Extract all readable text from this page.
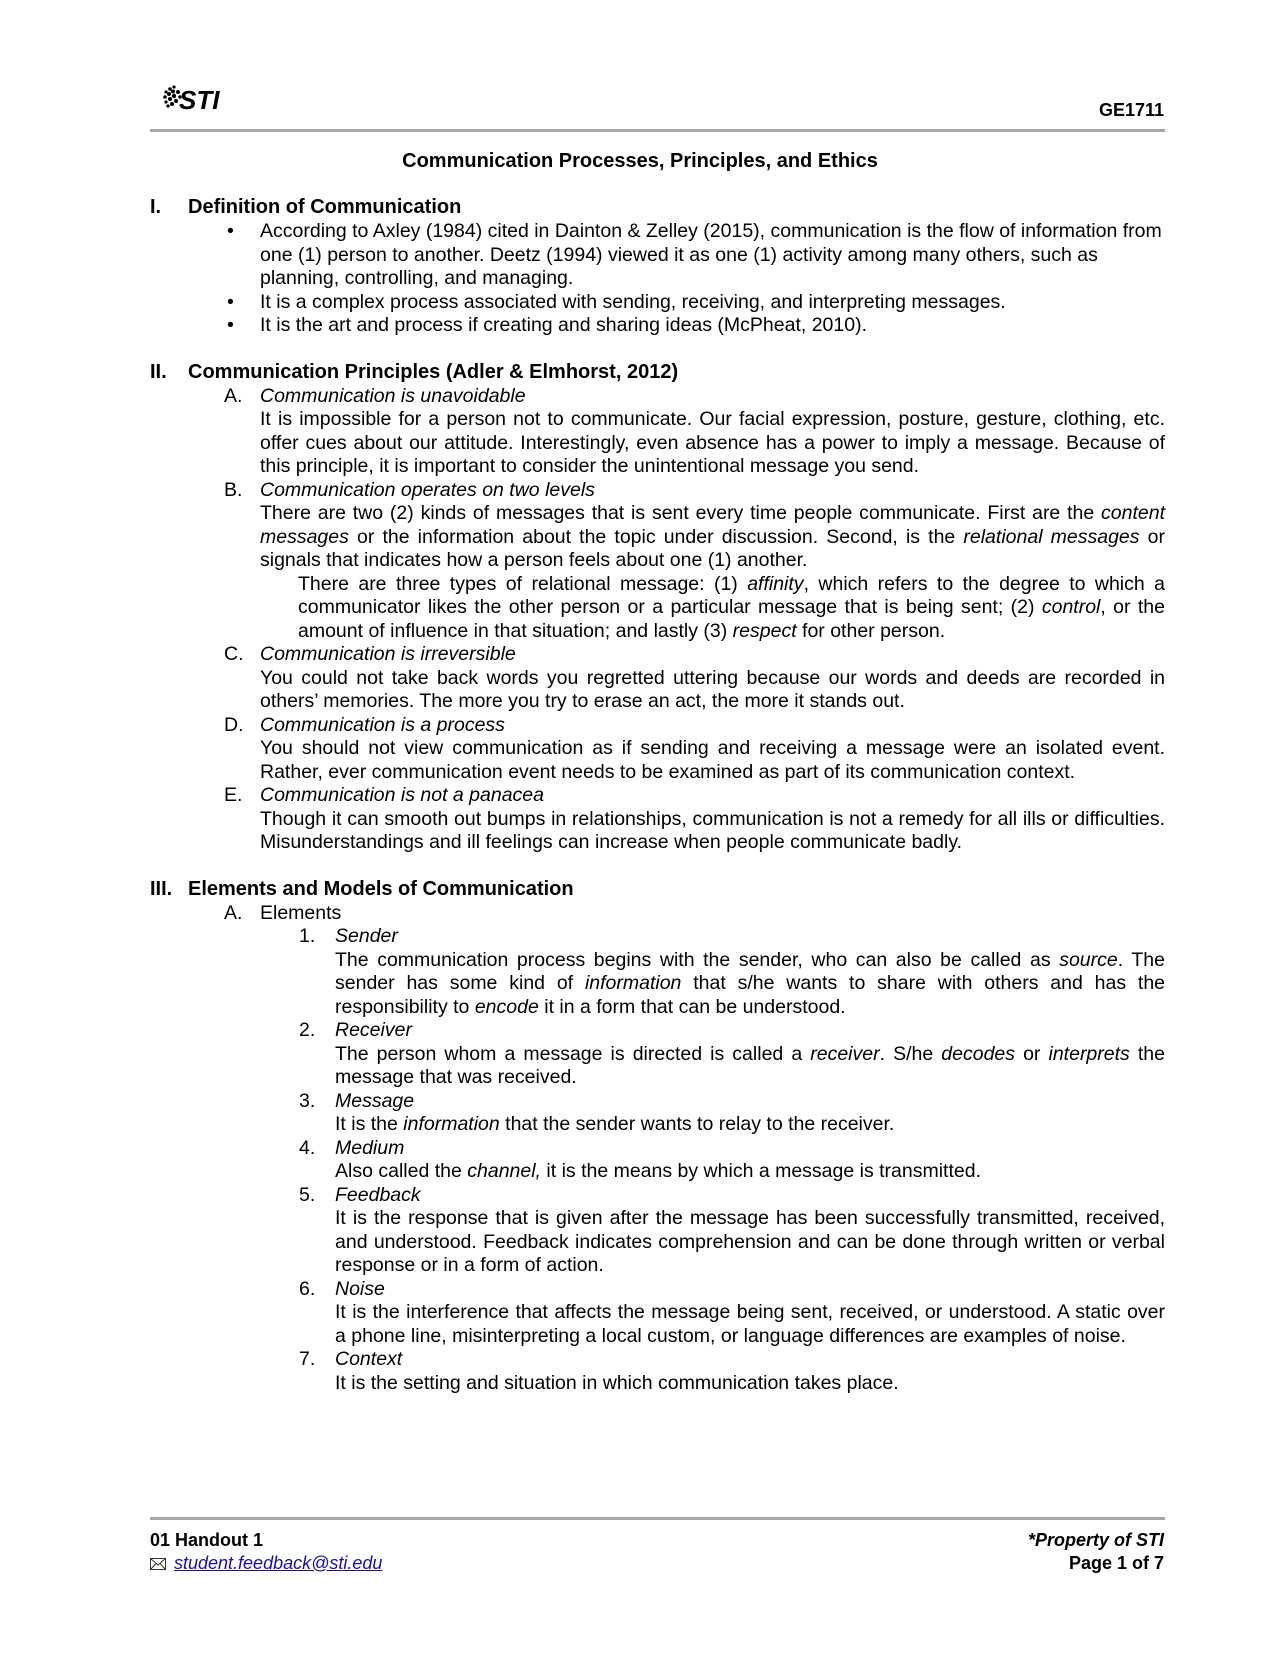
STI	GE1711
Communication Processes, Principles, and Ethics
I.	Definition of Communication
• According to Axley (1984) cited in Dainton & Zelley (2015), communication is the flow of information from one (1) person to another. Deetz (1994) viewed it as one (1) activity among many others, such as planning, controlling, and managing.
• It is a complex process associated with sending, receiving, and interpreting messages.
• It is the art and process if creating and sharing ideas (McPheat, 2010).
II.	Communication Principles (Adler & Elmhorst, 2012)
A. Communication is unavoidable

It is impossible for a person not to communicate. Our facial expression, posture, gesture, clothing, etc. offer cues about our attitude. Interestingly, even absence has a power to imply a message. Because of this principle, it is important to consider the unintentional message you send.

B. Communication operates on two levels

There are two (2) kinds of messages that is sent every time people communicate. First are the content messages or the information about the topic under discussion. Second, is the relational messages or signals that indicates how a person feels about one (1) another.

There are three types of relational message: (1) affinity, which refers to the degree to which a communicator likes the other person or a particular message that is being sent; (2) control, or the amount of influence in that situation; and lastly (3) respect for other person.

C. Communication is irreversible

You could not take back words you regretted uttering because our words and deeds are recorded in others’ memories. The more you try to erase an act, the more it stands out.

D. Communication is a process

You should not view communication as if sending and receiving a message were an isolated event. Rather, ever communication event needs to be examined as part of its communication context.

E. Communication is not a panacea

Though it can smooth out bumps in relationships, communication is not a remedy for all ills or difficulties. Misunderstandings and ill feelings can increase when people communicate badly.

III. Elements and Models of Communication
A. Elements
1. Sender

The communication process begins with the sender, who can also be called as source. The sender has some kind of information that s/he wants to share with others and has the responsibility to encode it in a form that can be understood.

2. Receiver

The person whom a message is directed is called a receiver. S/he decodes or interprets the message that was received.

3. Message

It is the information that the sender wants to relay to the receiver.

4. Medium

Also called the channel, it is the means by which a message is transmitted.

5. Feedback

It is the response that is given after the message has been successfully transmitted, received, and understood. Feedback indicates comprehension and can be done through written or verbal response or in a form of action.

6. Noise

It is the interference that affects the message being sent, received, or understood. A static over a phone line, misinterpreting a local custom, or language differences are examples of noise.

7. Context

It is the setting and situation in which communication takes place.

01 Handout 1
student.feedback@sti.edu
*Property of STI
Page 1 of 7
